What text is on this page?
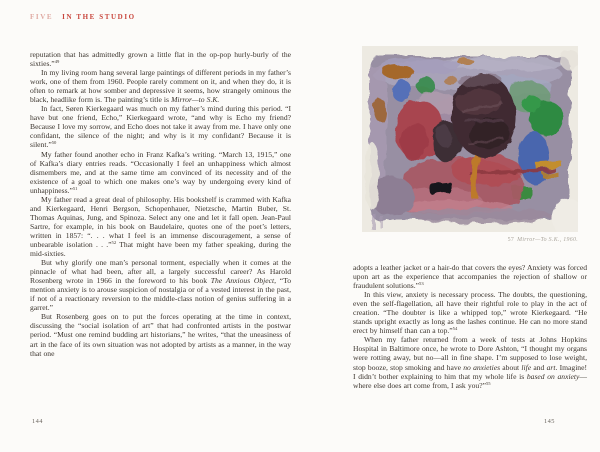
FIVE IN THE STUDIO

reputation that has admittedly grown a little flat in the op-pop hurly-burly of the sixties.”$^{49}$

In my living room hang several large paintings of different periods in my father’s work, one of them from 1960. People rarely comment on it, and when they do, it is often to remark at how somber and depressive it seems, how strangely ominous the black, headlike form is. The painting’s title is Mirror—to S.K.

In fact, Søren Kierkegaard was much on my father’s mind during this period. “I have but one friend, Echo,” Kierkegaard wrote, “and why is Echo my friend? Because I love my sorrow, and Echo does not take it away from me. I have only one confidant, the silence of the night; and why is it my confidant? Because it is silent.”$^{50}$

My father found another echo in Franz Kafka’s writing. “March 13, 1915,” one of Kafka’s diary entries reads. “Occasionally I feel an unhappiness which almost dismembers me, and at the same time am convinced of its necessity and of the existence of a goal to which one makes one’s way by undergoing every kind of unhappiness.”$^{51}$

My father read a great deal of philosophy. His bookshelf is crammed with Kafka and Kierkegaard, Henri Bergson, Schopenhauer, Nietzsche, Martin Buber, St. Thomas Aquinas, Jung, and Spinoza. Select any one and let it fall open. Jean-Paul Sartre, for example, in his book on Baudelaire, quotes one of the poet’s letters, written in 1857: “. . . what I feel is an immense discouragement, a sense of unbearable isolation . . .”$^{52}$ That might have been my father speaking, during the mid-sixties.

But why glorify one man’s personal torment, especially when it comes at the pinnacle of what had been, after all, a largely successful career? As Harold Rosenberg wrote in 1966 in the foreword to his book The Anxious Object, “To mention anxiety is to arouse suspicion of nostalgia or of a vested interest in the past, if not of a reactionary reversion to the middle-class notion of genius suffering in a garret.”

But Rosenberg goes on to put the forces operating at the time in context, discussing the “social isolation of art” that had confronted artists in the postwar period. “Must one remind budding art historians,” he writes, “that the uneasiness of art in the face of its own situation was not adopted by artists as a manner, in the way that one

57 Mirror—To S.K., 1960.

adopts a leather jacket or a hair-do that covers the eyes? Anxiety was forced upon art as the experience that accompanies the rejection of shallow or fraudulent solutions.”$^{53}$

In this view, anxiety is necessary process. The doubts, the questioning, even the self-flagellation, all have their rightful role to play in the act of creation. “The doubter is like a whipped top,” wrote Kierkegaard. “He stands upright exactly as long as the lashes continue. He can no more stand erect by himself than can a top.”$^{54}$

When my father returned from a week of tests at Johns Hopkins Hospital in Baltimore once, he wrote to Dore Ashton, “I thought my organs were rotting away, but no—all in fine shape. I’m supposed to lose weight, stop booze, stop smoking and have no anxieties about life and art. Imagine! I didn’t bother explaining to him that my whole life is based on anxiety—where else does art come from, I ask you?”$^{55}$

144	145
